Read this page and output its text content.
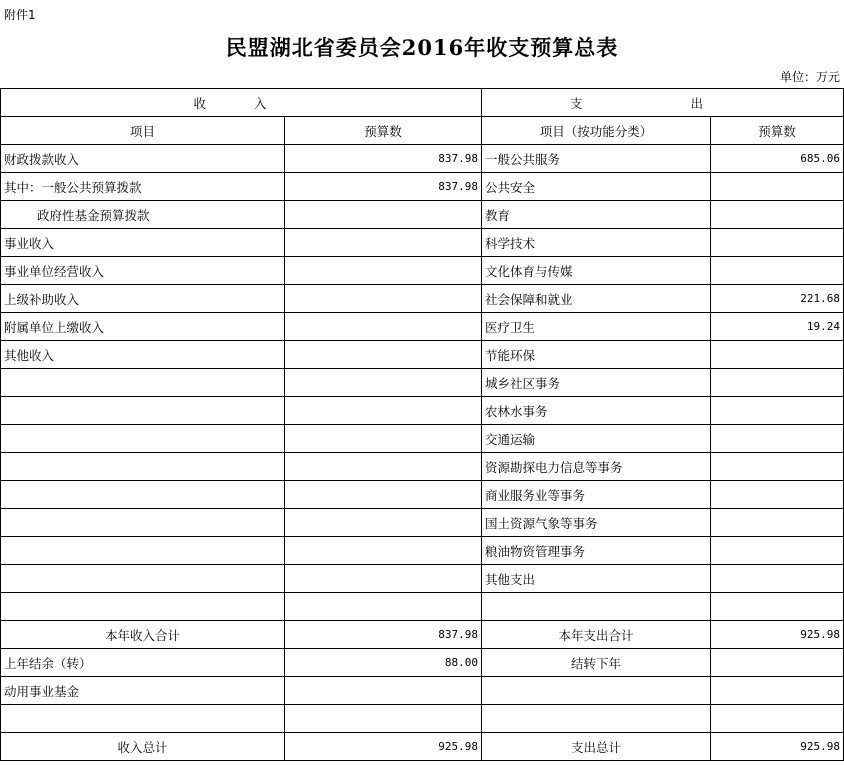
附件1
民盟湖北省委员会2016年收支预算总表
单位：万元
收 入		支 出	
项目	预算数	项目（按功能分类）	预算数
财政拨款收入	837.98	一般公共服务	685.06
其中：一般公共预算拨款	837.98	公共安全	
政府性基金预算拨款		教育	
事业收入		科学技术	
事业单位经营收入		文化体育与传媒	
上级补助收入		社会保障和就业	221.68
附属单位上缴收入		医疗卫生	19.24
其他收入		节能环保	
		城乡社区事务	
		农林水事务	
		交通运输	
		资源勘探电力信息等事务	
		商业服务业等事务	
		国土资源气象等事务	
		粮油物资管理事务	
		其他支出	

本年收入合计	837.98	本年支出合计	925.98
上年结余（转）	88.00	结转下年	
动用事业基金			

收入总计	925.98	支出总计	925.98
